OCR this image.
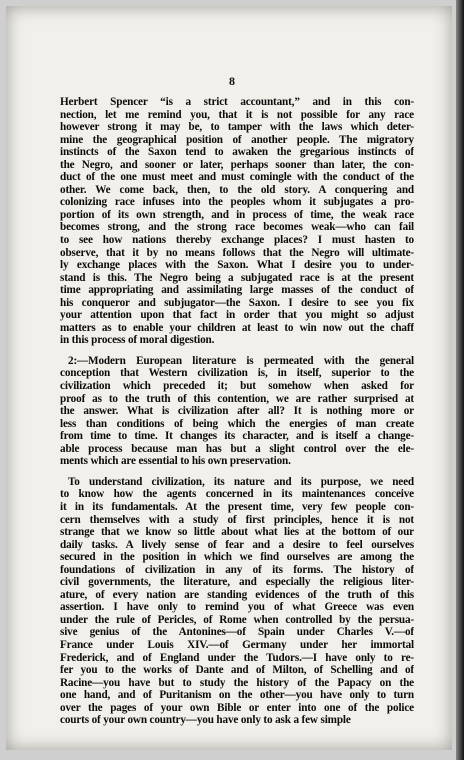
8
Herbert Spencer “is a strict accountant,” and in this con-
nection, let me remind you, that it is not possible for any race
however strong it may be, to tamper with the laws which deter-
mine the geographical position of another people. The migratory
instincts of the Saxon tend to awaken the gregarious instincts of
the Negro, and sooner or later, perhaps sooner than later, the con-
duct of the one must meet and must comingle with the conduct of the
other. We come back, then, to the old story. A conquering and
colonizing race infuses into the peoples whom it subjugates a pro-
portion of its own strength, and in process of time, the weak race
becomes strong, and the strong race becomes weak—who can fail
to see how nations thereby exchange places? I must hasten to
observe, that it by no means follows that the Negro will ultimate-
ly exchange places with the Saxon. What I desire you to under-
stand is this. The Negro being a subjugated race is at the present
time appropriating and assimilating large masses of the conduct of
his conqueror and subjugator—the Saxon. I desire to see you fix
your attention upon that fact in order that you might so adjust
matters as to enable your children at least to win now out the chaff
in this process of moral digestion.
2:—Modern European literature is permeated with the general
conception that Western civilization is, in itself, superior to the
civilization which preceded it; but somehow when asked for
proof as to the truth of this contention, we are rather surprised at
the answer. What is civilization after all? It is nothing more or
less than conditions of being which the energies of man create
from time to time. It changes its character, and is itself a change-
able process because man has but a slight control over the ele-
ments which are essential to his own preservation.
To understand civilization, its nature and its purpose, we need
to know how the agents concerned in its maintenances conceive
it in its fundamentals. At the present time, very few people con-
cern themselves with a study of first principles, hence it is not
strange that we know so little about what lies at the bottom of our
daily tasks. A lively sense of fear and a desire to feel ourselves
secured in the position in which we find ourselves are among the
foundations of civilization in any of its forms. The history of
civil governments, the literature, and especially the religious liter-
ature, of every nation are standing evidences of the truth of this
assertion. I have only to remind you of what Greece was even
under the rule of Pericles, of Rome when controlled by the persua-
sive genius of the Antonines—of Spain under Charles V.—of
France under Louis XIV.—of Germany under her immortal
Frederick, and of England under the Tudors.—I have only to re-
fer you to the works of Dante and of Milton, of Schelling and of
Racine—you have but to study the history of the Papacy on the
one hand, and of Puritanism on the other—you have only to turn
over the pages of your own Bible or enter into one of the police
courts of your own country—you have only to ask a few simple
